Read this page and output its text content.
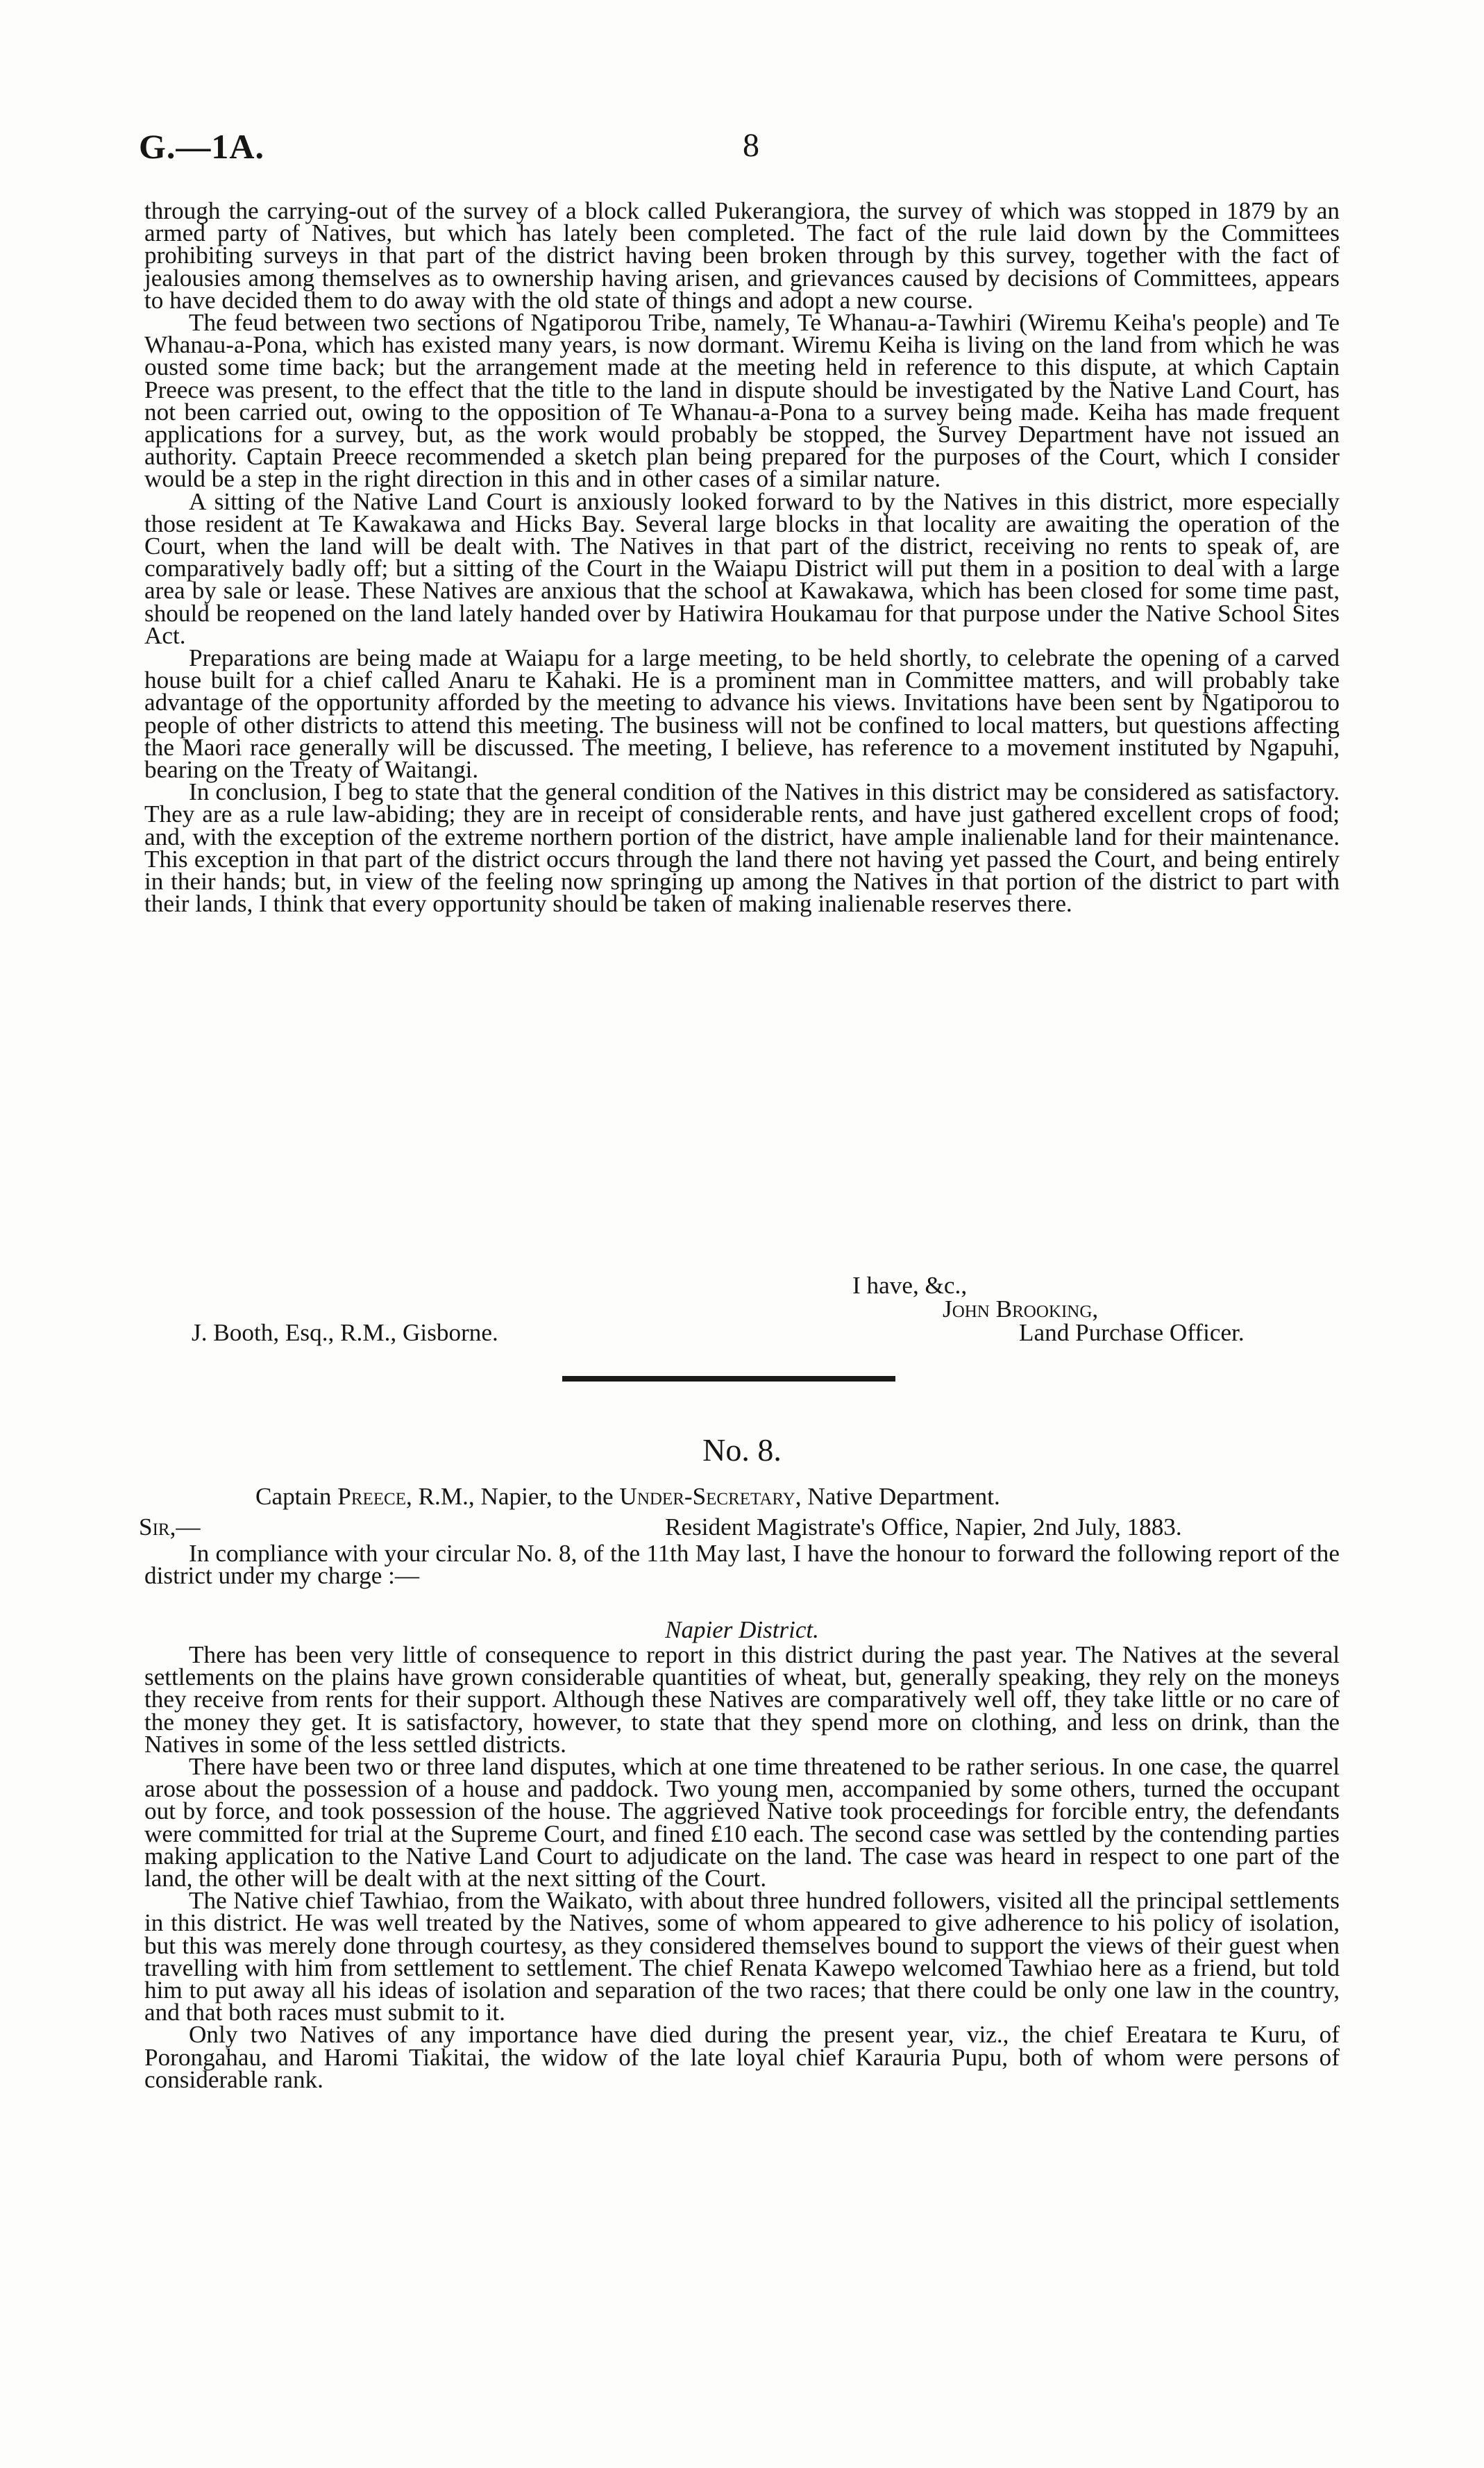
G.—1A.	8

through the carrying-out of the survey of a block called Pukerangiora, the survey of which was stopped in 1879 by an armed party of Natives, but which has lately been completed. The fact of the rule laid down by the Committees prohibiting surveys in that part of the district having been broken through by this survey, together with the fact of jealousies among themselves as to ownership having arisen, and grievances caused by decisions of Committees, appears to have decided them to do away with the old state of things and adopt a new course.

The feud between two sections of Ngatiporou Tribe, namely, Te Whanau-a-Tawhiri (Wiremu Keiha's people) and Te Whanau-a-Pona, which has existed many years, is now dormant. Wiremu Keiha is living on the land from which he was ousted some time back; but the arrangement made at the meeting held in reference to this dispute, at which Captain Preece was present, to the effect that the title to the land in dispute should be investigated by the Native Land Court, has not been carried out, owing to the opposition of Te Whanau-a-Pona to a survey being made. Keiha has made frequent applications for a survey, but, as the work would probably be stopped, the Survey Department have not issued an authority. Captain Preece recommended a sketch plan being prepared for the purposes of the Court, which I consider would be a step in the right direction in this and in other cases of a similar nature.

A sitting of the Native Land Court is anxiously looked forward to by the Natives in this district, more especially those resident at Te Kawakawa and Hicks Bay. Several large blocks in that locality are awaiting the operation of the Court, when the land will be dealt with. The Natives in that part of the district, receiving no rents to speak of, are comparatively badly off; but a sitting of the Court in the Waiapu District will put them in a position to deal with a large area by sale or lease. These Natives are anxious that the school at Kawakawa, which has been closed for some time past, should be reopened on the land lately handed over by Hatiwira Houkamau for that purpose under the Native School Sites Act.

Preparations are being made at Waiapu for a large meeting, to be held shortly, to celebrate the opening of a carved house built for a chief called Anaru te Kahaki. He is a prominent man in Committee matters, and will probably take advantage of the opportunity afforded by the meeting to advance his views. Invitations have been sent by Ngatiporou to people of other districts to attend this meeting. The business will not be confined to local matters, but questions affecting the Maori race generally will be discussed. The meeting, I believe, has reference to a movement instituted by Ngapuhi, bearing on the Treaty of Waitangi.

In conclusion, I beg to state that the general condition of the Natives in this district may be considered as satisfactory. They are as a rule law-abiding; they are in receipt of considerable rents, and have just gathered excellent crops of food; and, with the exception of the extreme northern portion of the district, have ample inalienable land for their maintenance. This exception in that part of the district occurs through the land there not having yet passed the Court, and being entirely in their hands; but, in view of the feeling now springing up among the Natives in that portion of the district to part with their lands, I think that every opportunity should be taken of making inalienable reserves there.

I have, &c.,
John Brooking,
Land Purchase Officer.
J. Booth, Esq., R.M., Gisborne.
No. 8.
Captain Preece, R.M., Napier, to the Under-Secretary, Native Department.
Sir,—	Resident Magistrate's Office, Napier, 2nd July, 1883.

In compliance with your circular No. 8, of the 11th May last, I have the honour to forward the following report of the district under my charge :—

Napier District.

There has been very little of consequence to report in this district during the past year. The Natives at the several settlements on the plains have grown considerable quantities of wheat, but, generally speaking, they rely on the moneys they receive from rents for their support. Although these Natives are comparatively well off, they take little or no care of the money they get. It is satisfactory, however, to state that they spend more on clothing, and less on drink, than the Natives in some of the less settled districts.

There have been two or three land disputes, which at one time threatened to be rather serious. In one case, the quarrel arose about the possession of a house and paddock. Two young men, accompanied by some others, turned the occupant out by force, and took possession of the house. The aggrieved Native took proceedings for forcible entry, the defendants were committed for trial at the Supreme Court, and fined £10 each. The second case was settled by the contending parties making application to the Native Land Court to adjudicate on the land. The case was heard in respect to one part of the land, the other will be dealt with at the next sitting of the Court.

The Native chief Tawhiao, from the Waikato, with about three hundred followers, visited all the principal settlements in this district. He was well treated by the Natives, some of whom appeared to give adherence to his policy of isolation, but this was merely done through courtesy, as they considered themselves bound to support the views of their guest when travelling with him from settlement to settlement. The chief Renata Kawepo welcomed Tawhiao here as a friend, but told him to put away all his ideas of isolation and separation of the two races; that there could be only one law in the country, and that both races must submit to it.

Only two Natives of any importance have died during the present year, viz., the chief Ereatara te Kuru, of Porongahau, and Haromi Tiakitai, the widow of the late loyal chief Karauria Pupu, both of whom were persons of considerable rank.
